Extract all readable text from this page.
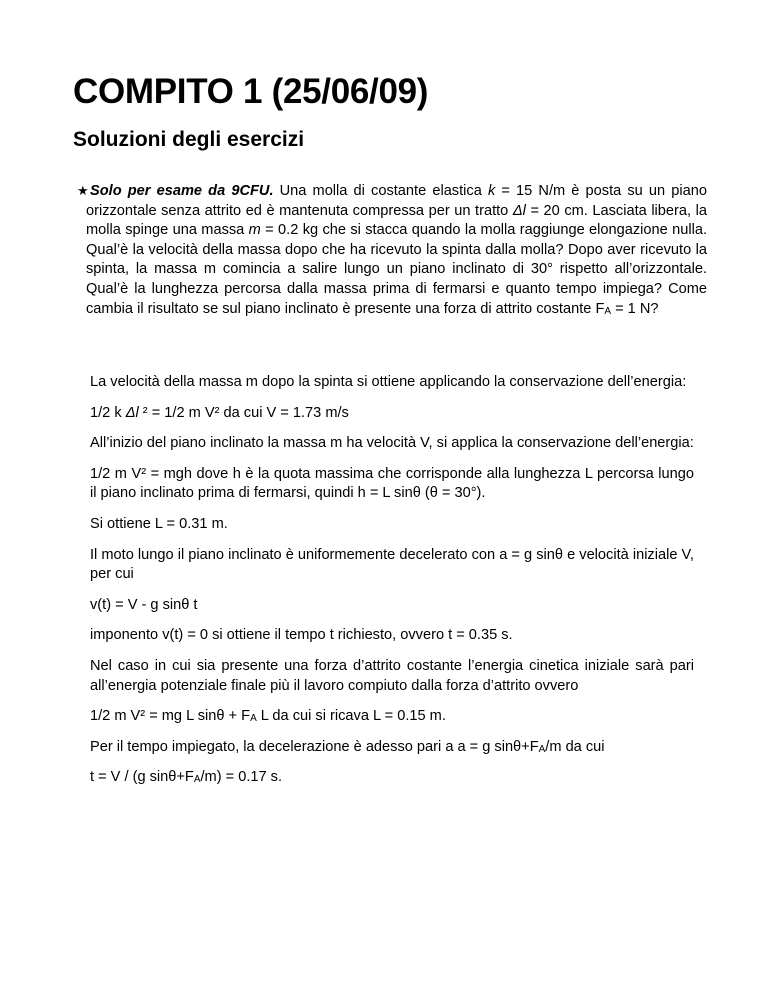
COMPITO 1 (25/06/09)
Soluzioni degli esercizi

★Solo per esame da 9CFU. Una molla di costante elastica k = 15 N/m è posta su un piano orizzontale senza attrito ed è mantenuta compressa per un tratto Δl = 20 cm. Lasciata libera, la molla spinge una massa m = 0.2 kg che si stacca quando la molla raggiunge elongazione nulla. Qual’è la velocità della massa dopo che ha ricevuto la spinta dalla molla? Dopo aver ricevuto la spinta, la massa m comincia a salire lungo un piano inclinato di 30° rispetto all’orizzontale. Qual’è la lunghezza percorsa dalla massa prima di fermarsi e quanto tempo impiega? Come cambia il risultato se sul piano inclinato è presente una forza di attrito costante $F_A = 1$ N?

La velocità della massa m dopo la spinta si ottiene applicando la conservazione dell’energia:

1/2 k Δl ² = 1/2 m V² da cui V = 1.73 m/s

All’inizio del piano inclinato la massa m ha velocità V, si applica la conservazione dell’energia:

1/2 m V² = mgh dove h è la quota massima che corrisponde alla lunghezza L percorsa lungo il piano inclinato prima di fermarsi, quindi h = L sinθ (θ = 30°).

Si ottiene L = 0.31 m.

Il moto lungo il piano inclinato è uniformemente decelerato con a = g sinθ e velocità iniziale V, per cui

v(t) = V - g sinθ t

imponento v(t) = 0 si ottiene il tempo t richiesto, ovvero t = 0.35 s.

Nel caso in cui sia presente una forza d’attrito costante l’energia cinetica iniziale sarà pari all’energia potenziale finale più il lavoro compiuto dalla forza d’attrito ovvero

1/2 m V² = mg L $\sin\theta + F_A$ L da cui si ricava L = 0.15 m.

Per il tempo impiegato, la decelerazione è adesso pari a a = g $\sin\theta+F_A/m$ da cui

t = V / (g $\sin\theta+F_A/m) = 0.17$ s.
